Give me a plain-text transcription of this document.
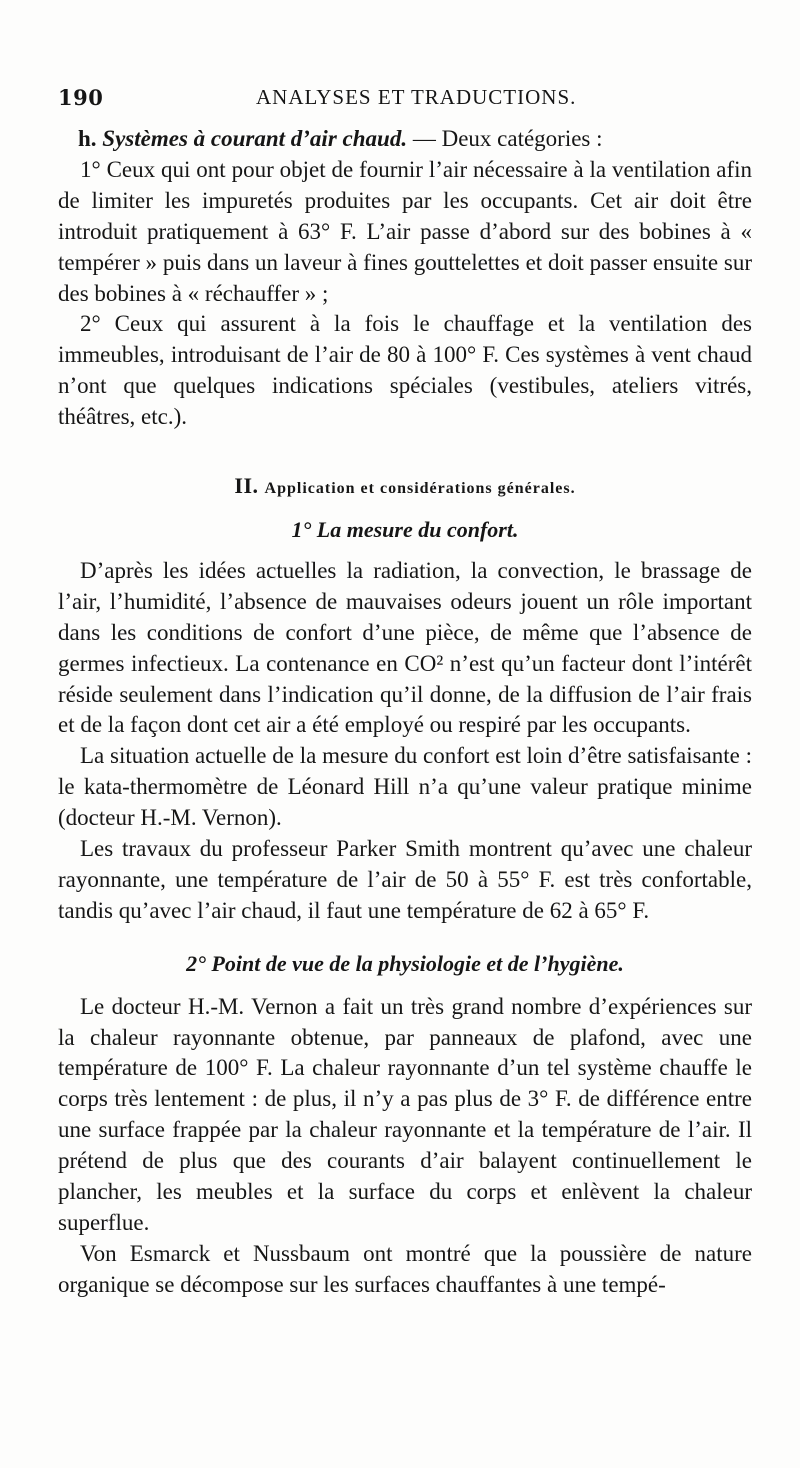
190	ANALYSES ET TRADUCTIONS.

h. Systèmes à courant d’air chaud. — Deux catégories :

1° Ceux qui ont pour objet de fournir l’air nécessaire à la ventilation afin de limiter les impuretés produites par les occupants. Cet air doit être introduit pratiquement à 63° F. L’air passe d’abord sur des bobines à « tempérer » puis dans un laveur à fines gouttelettes et doit passer ensuite sur des bobines à « réchauffer » ;

2° Ceux qui assurent à la fois le chauffage et la ventilation des immeubles, introduisant de l’air de 80 à 100° F. Ces systèmes à vent chaud n’ont que quelques indications spéciales (vestibules, ateliers vitrés, théâtres, etc.).

II. Application et considérations générales.
1° La mesure du confort.

D’après les idées actuelles la radiation, la convection, le brassage de l’air, l’humidité, l’absence de mauvaises odeurs jouent un rôle important dans les conditions de confort d’une pièce, de même que l’absence de germes infectieux. La contenance en CO² n’est qu’un facteur dont l’intérêt réside seulement dans l’indication qu’il donne, de la diffusion de l’air frais et de la façon dont cet air a été employé ou respiré par les occupants.

La situation actuelle de la mesure du confort est loin d’être satisfaisante : le kata-thermomètre de Léonard Hill n’a qu’une valeur pratique minime (docteur H.-M. Vernon).

Les travaux du professeur Parker Smith montrent qu’avec une chaleur rayonnante, une température de l’air de 50 à 55° F. est très confortable, tandis qu’avec l’air chaud, il faut une température de 62 à 65° F.

2° Point de vue de la physiologie et de l’hygiène.

Le docteur H.-M. Vernon a fait un très grand nombre d’expériences sur la chaleur rayonnante obtenue, par panneaux de plafond, avec une température de 100° F. La chaleur rayonnante d’un tel système chauffe le corps très lentement : de plus, il n’y a pas plus de 3° F. de différence entre une surface frappée par la chaleur rayonnante et la température de l’air. Il prétend de plus que des courants d’air balayent continuellement le plancher, les meubles et la surface du corps et enlèvent la chaleur superflue.

Von Esmarck et Nussbaum ont montré que la poussière de nature organique se décompose sur les surfaces chauffantes à une tempé-
